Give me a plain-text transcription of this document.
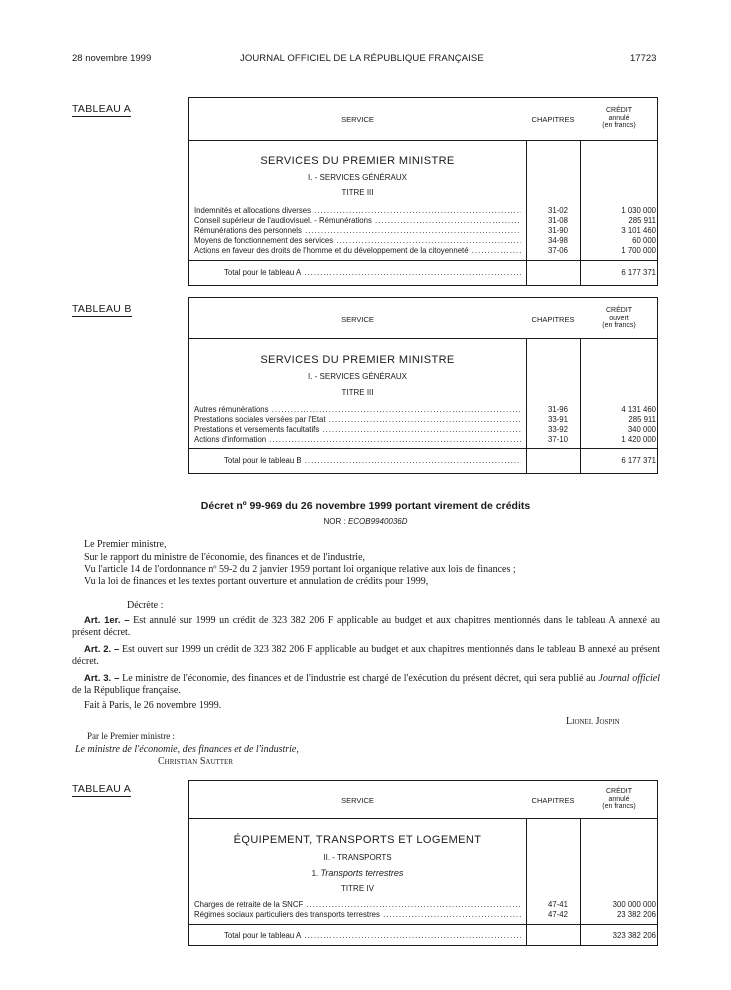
28 novembre 1999	JOURNAL OFFICIEL DE LA RÉPUBLIQUE FRANÇAISE	17723
TABLEAU A
SERVICE	CHAPITRES
CRÉDIT
annulé
(en francs)
SERVICES DU PREMIER MINISTRE
I. - SERVICES GÉNÉRAUX
TITRE III
Indemnités et allocations diverses .....	31-02	1 030 000
Conseil supérieur de l'audiovisuel. - Rémunérations .....	31-08	285 911
Rémunérations des personnels .....	31-90	3 101 460
Moyens de fonctionnement des services .....	34-98	60 000
Actions en faveur des droits de l'homme et du développement de la citoyenneté .....	37-06	1 700 000
Total pour le tableau A .....	6 177 371
TABLEAU B
SERVICE	CHAPITRES
CRÉDIT
ouvert
(en francs)
SERVICES DU PREMIER MINISTRE
I. - SERVICES GÉNÉRAUX
TITRE III
Autres rémunérations .....	31-96	4 131 460
Prestations sociales versées par l'Etat .....	33-91	285 911
Prestations et versements facultatifs .....	33-92	340 000
Actions d'information .....	37-10	1 420 000
Total pour le tableau B .....	6 177 371
Décret nº 99-969 du 26 novembre 1999 portant virement de crédits
NOR : ECOB9940036D
Le Premier ministre,
Sur le rapport du ministre de l'économie, des finances et de l'industrie,
Vu l'article 14 de l'ordonnance nº 59-2 du 2 janvier 1959 portant loi organique relative aux lois de finances ;
Vu la loi de finances et les textes portant ouverture et annulation de crédits pour 1999,
Décrète :
Art. 1er. – Est annulé sur 1999 un crédit de 323 382 206 F applicable au budget et aux chapitres mentionnés dans le tableau A annexé au présent décret.
Art. 2. – Est ouvert sur 1999 un crédit de 323 382 206 F applicable au budget et aux chapitres mentionnés dans le tableau B annexé au présent décret.
Art. 3. – Le ministre de l'économie, des finances et de l'industrie est chargé de l'exécution du présent décret, qui sera publié au Journal officiel de la République française.
Fait à Paris, le 26 novembre 1999.
Lionel Jospin
Par le Premier ministre :
Le ministre de l'économie, des finances et de l'industrie,
Christian Sautter
TABLEAU A
SERVICE	CHAPITRES
CRÉDIT
annulé
(en francs)
ÉQUIPEMENT, TRANSPORTS ET LOGEMENT
II. - TRANSPORTS
1. Transports terrestres
TITRE IV
Charges de retraite de la SNCF .....	47-41	300 000 000
Régimes sociaux particuliers des transports terrestres .....	47-42	23 382 206
Total pour le tableau A .....	323 382 206
